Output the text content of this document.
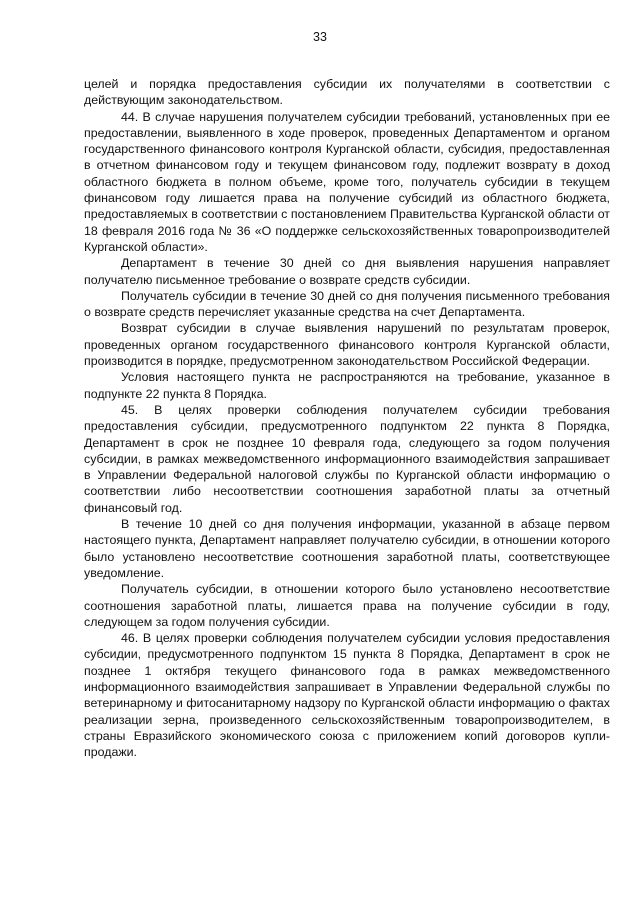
33

целей и порядка предоставления субсидии их получателями в соответствии с действующим законодательством.

44. В случае нарушения получателем субсидии требований, установленных при ее предоставлении, выявленного в ходе проверок, проведенных Департаментом и органом государственного финансового контроля Курганской области, субсидия, предоставленная в отчетном финансовом году и текущем финансовом году, подлежит возврату в доход областного бюджета в полном объеме, кроме того, получатель субсидии в текущем финансовом году лишается права на получение субсидий из областного бюджета, предоставляемых в соответствии с постановлением Правительства Курганской области от 18 февраля 2016 года № 36 «О поддержке сельскохозяйственных товаропроизводителей Курганской области».

Департамент в течение 30 дней со дня выявления нарушения направляет получателю письменное требование о возврате средств субсидии.

Получатель субсидии в течение 30 дней со дня получения письменного требования о возврате средств перечисляет указанные средства на счет Департамента.

Возврат субсидии в случае выявления нарушений по результатам проверок, проведенных органом государственного финансового контроля Курганской области, производится в порядке, предусмотренном законодательством Российской Федерации.

Условия настоящего пункта не распространяются на требование, указанное в подпункте 22 пункта 8 Порядка.

45. В целях проверки соблюдения получателем субсидии требования предоставления субсидии, предусмотренного подпунктом 22 пункта 8 Порядка, Департамент в срок не позднее 10 февраля года, следующего за годом получения субсидии, в рамках межведомственного информационного взаимодействия запрашивает в Управлении Федеральной налоговой службы по Курганской области информацию о соответствии либо несоответствии соотношения заработной платы за отчетный финансовый год.

В течение 10 дней со дня получения информации, указанной в абзаце первом настоящего пункта, Департамент направляет получателю субсидии, в отношении которого было установлено несоответствие соотношения заработной платы, соответствующее уведомление.

Получатель субсидии, в отношении которого было установлено несоответствие соотношения заработной платы, лишается права на получение субсидии в году, следующем за годом получения субсидии.

46. В целях проверки соблюдения получателем субсидии условия предоставления субсидии, предусмотренного подпунктом 15 пункта 8 Порядка, Департамент в срок не позднее 1 октября текущего финансового года в рамках межведомственного информационного взаимодействия запрашивает в Управлении Федеральной службы по ветеринарному и фитосанитарному надзору по Курганской области информацию о фактах реализации зерна, произведенного сельскохозяйственным товаропроизводителем, в страны Евразийского экономического союза с приложением копий договоров купли-продажи.
